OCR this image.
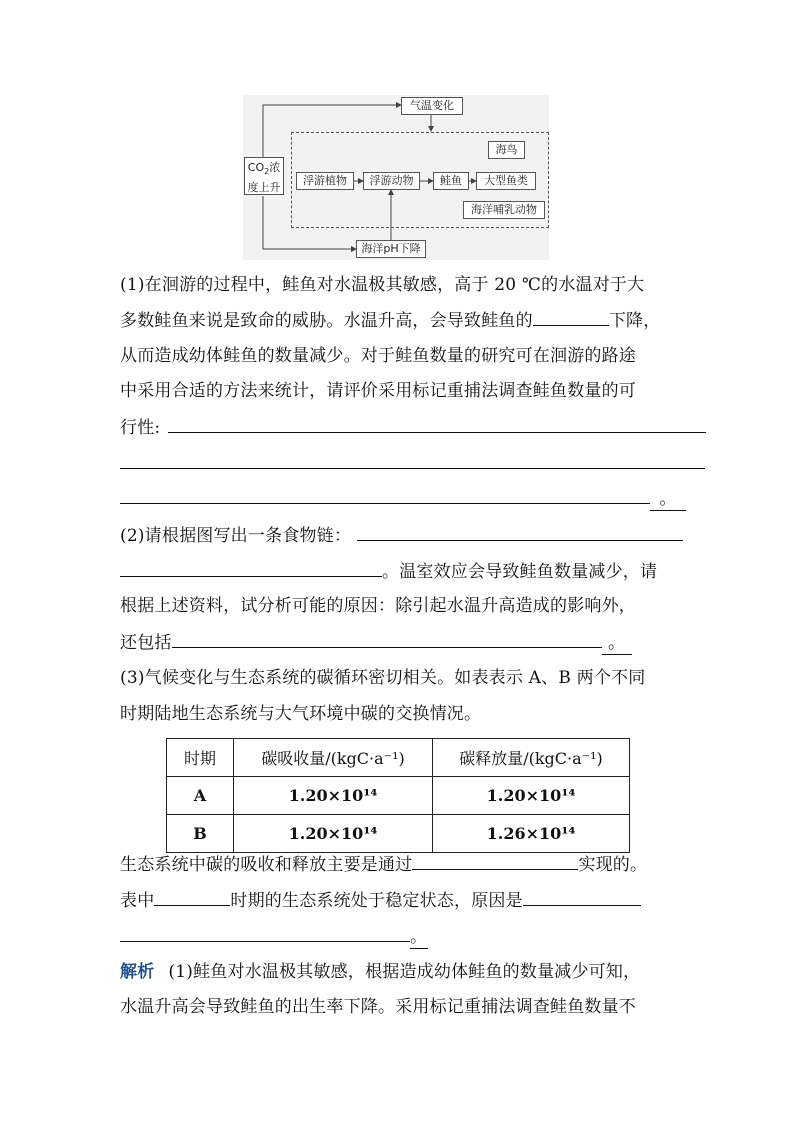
气温变化
$CO_2$浓
度上升
浮游植物	浮游动物	鲑鱼
海鸟
大型鱼类
海洋哺乳动物
海洋pH下降
(1)在洄游的过程中，鲑鱼对水温极其敏感，高于 20 ℃的水温对于大
多数鲑鱼来说是致命的威胁。水温升高，会导致鲑鱼的	下降，
从而造成幼体鲑鱼的数量减少。对于鲑鱼数量的研究可在洄游的路途
中采用合适的方法来统计，请评价采用标记重捕法调查鲑鱼数量的可
行性:
。
(2)请根据图写出一条食物链：
。温室效应会导致鲑鱼数量减少，请
根据上述资料，试分析可能的原因：除引起水温升高造成的影响外，
还包括	。
(3)气候变化与生态系统的碳循环密切相关。如表表示 A、B 两个不同
时期陆地生态系统与大气环境中碳的交换情况。
时期	碳吸收量/(kgC·a⁻¹)	碳释放量/(kgC·a⁻¹)
A	1.20×10¹⁴	1.20×10¹⁴
B	1.20×10¹⁴	1.26×10¹⁴
生态系统中碳的吸收和释放主要是通过	实现的。
表中	时期的生态系统处于稳定状态，原因是
。
解析 (1)鲑鱼对水温极其敏感，根据造成幼体鲑鱼的数量减少可知，
水温升高会导致鲑鱼的出生率下降。采用标记重捕法调查鲑鱼数量不
